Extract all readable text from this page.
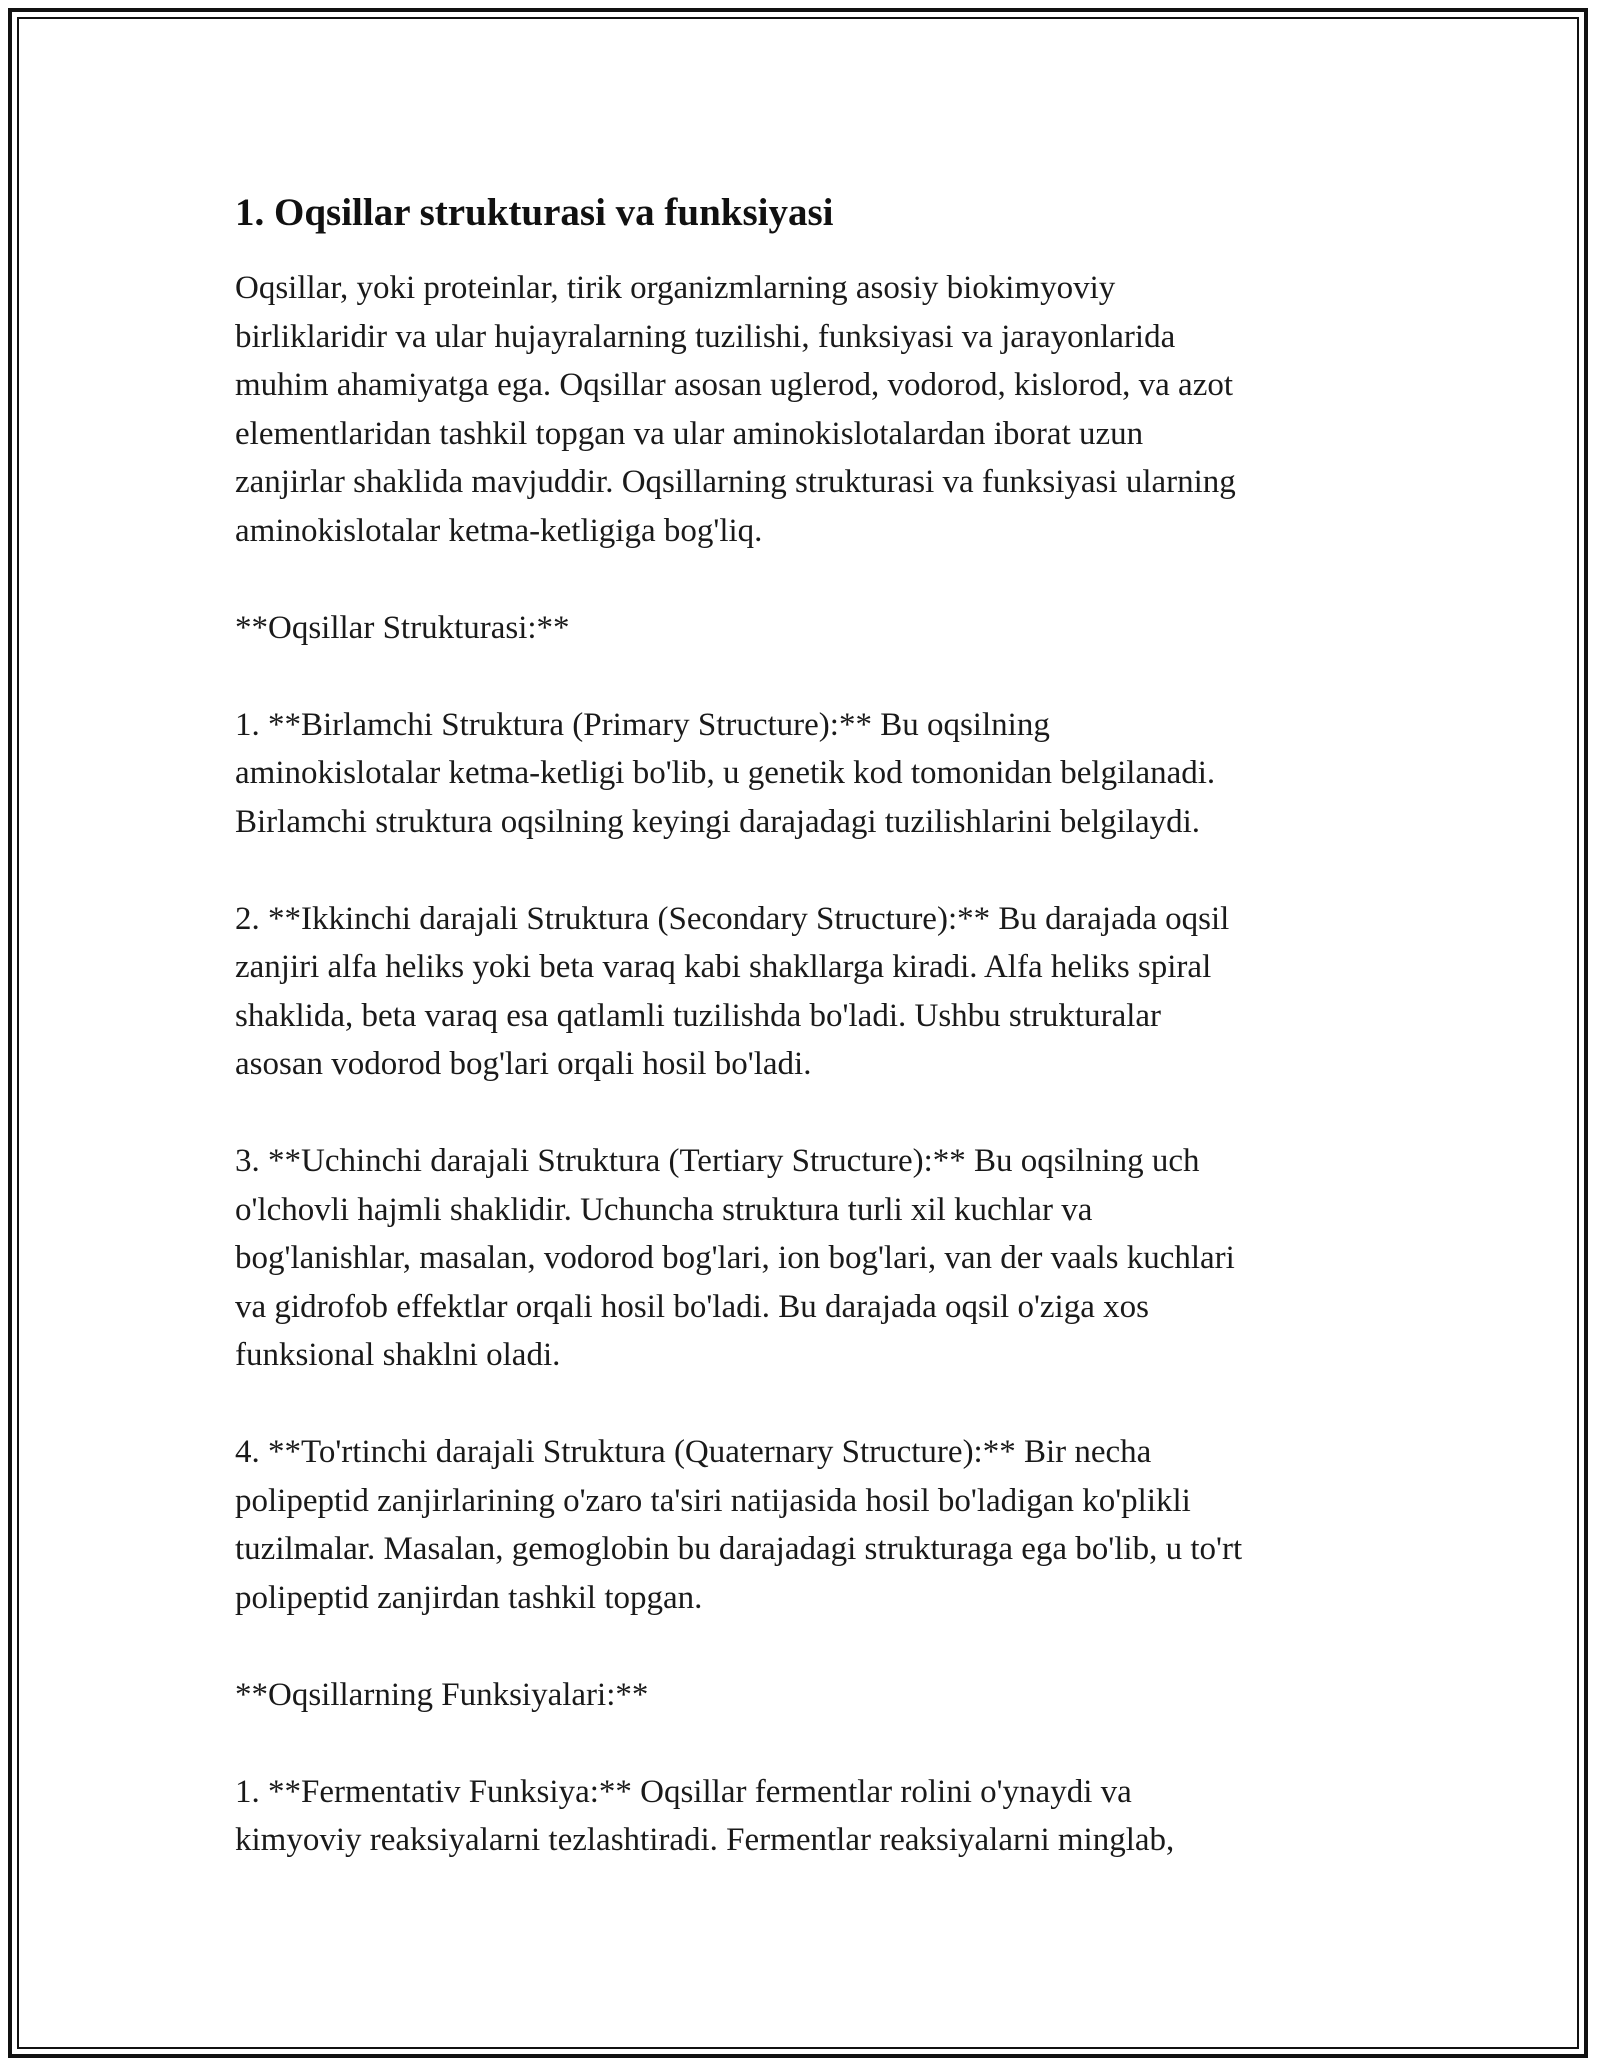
1. Oqsillar strukturasi va funksiyasi

Oqsillar, yoki proteinlar, tirik organizmlarning asosiy biokimyoviy
birliklaridir va ular hujayralarning tuzilishi, funksiyasi va jarayonlarida
muhim ahamiyatga ega. Oqsillar asosan uglerod, vodorod, kislorod, va azot
elementlaridan tashkil topgan va ular aminokislotalardan iborat uzun
zanjirlar shaklida mavjuddir. Oqsillarning strukturasi va funksiyasi ularning
aminokislotalar ketma-ketligiga bog'liq.

**Oqsillar Strukturasi:**

1. **Birlamchi Struktura (Primary Structure):** Bu oqsilning
aminokislotalar ketma-ketligi bo'lib, u genetik kod tomonidan belgilanadi.
Birlamchi struktura oqsilning keyingi darajadagi tuzilishlarini belgilaydi.

2. **Ikkinchi darajali Struktura (Secondary Structure):** Bu darajada oqsil
zanjiri alfa heliks yoki beta varaq kabi shakllarga kiradi. Alfa heliks spiral
shaklida, beta varaq esa qatlamli tuzilishda bo'ladi. Ushbu strukturalar
asosan vodorod bog'lari orqali hosil bo'ladi.

3. **Uchinchi darajali Struktura (Tertiary Structure):** Bu oqsilning uch
o'lchovli hajmli shaklidir. Uchuncha struktura turli xil kuchlar va
bog'lanishlar, masalan, vodorod bog'lari, ion bog'lari, van der vaals kuchlari
va gidrofob effektlar orqali hosil bo'ladi. Bu darajada oqsil o'ziga xos
funksional shaklni oladi.

4. **To'rtinchi darajali Struktura (Quaternary Structure):** Bir necha
polipeptid zanjirlarining o'zaro ta'siri natijasida hosil bo'ladigan ko'plikli
tuzilmalar. Masalan, gemoglobin bu darajadagi strukturaga ega bo'lib, u to'rt
polipeptid zanjirdan tashkil topgan.

**Oqsillarning Funksiyalari:**

1. **Fermentativ Funksiya:** Oqsillar fermentlar rolini o'ynaydi va
kimyoviy reaksiyalarni tezlashtiradi. Fermentlar reaksiyalarni minglab,
